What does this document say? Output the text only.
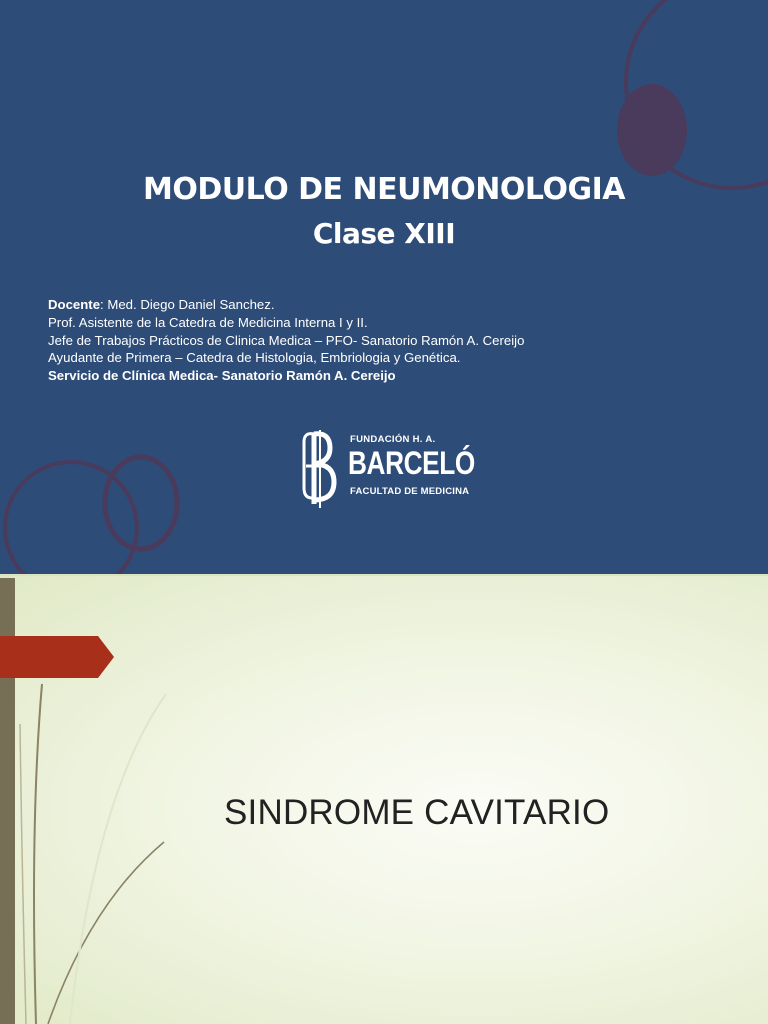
MODULO DE NEUMONOLOGIA
Clase XIII
Docente: Med. Diego Daniel Sanchez.
Prof. Asistente de la Catedra de Medicina Interna I y II.
Jefe de Trabajos Prácticos de Clinica Medica – PFO- Sanatorio Ramón A. Cereijo
Ayudante de Primera – Catedra de Histologia, Embriologia y Genética.
Servicio de Clínica Medica- Sanatorio Ramón A. Cereijo
FUNDACIÓN H. A.
BARCELÓ
FACULTAD DE MEDICINA
SINDROME CAVITARIO
